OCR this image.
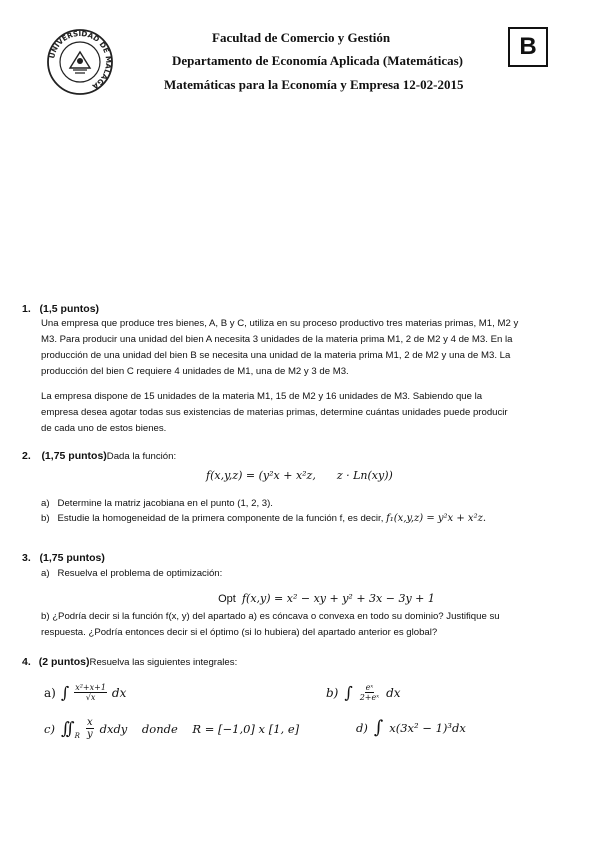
UNIVERSIDAD DE MÁLAGA
Facultad de Comercio y Gestión
Departamento de Economía Aplicada (Matemáticas)
Matemáticas para la Economía y Empresa 12-02-2015
B
1. (1,5 puntos)
Una empresa que produce tres bienes, A, B y C, utiliza en su proceso productivo tres materias primas, M1, M2 y
M3. Para producir una unidad del bien A necesita 3 unidades de la materia prima M1, 2 de M2 y 4 de M3. En la
producción de una unidad del bien B se necesita una unidad de la materia prima M1, 2 de M2 y una de M3. La
producción del bien C requiere 4 unidades de M1, una de M2 y 3 de M3.
La empresa dispone de 15 unidades de la materia M1, 15 de M2 y 16 unidades de M3. Sabiendo que la
empresa desea agotar todas sus existencias de materias primas, determine cuántas unidades puede producir
de cada uno de estos bienes.
2. (1,75 puntos)Dada la función:
f(x,y,z) = (y²x + x²z,      z · Ln(xy))
a) Determine la matriz jacobiana en el punto (1, 2, 3).
b) Estudie la homogeneidad de la primera componente de la función f, es decir, f₁(x,y,z) = y²x + x²z.
3. (1,75 puntos)
a) Resuelva el problema de optimización:

Opt f(x,y) = x² − xy + y² + 3x − 3y + 1

b) ¿Podría decir si la función f(x, y) del apartado a) es cóncava o convexa en todo su dominio? Justifique su
respuesta. ¿Podría entonces decir si el óptimo (si lo hubiera) del apartado anterior es global?
4. (2 puntos)Resuelva las siguientes integrales:
a) ∫ $\frac{\text{x²+x+1}}{√x}$ dx	b) ∫ $\frac{\text{eˣ}}{\text{2+eˣ}}$ dx
c) ∫∫ $_R \frac{x}{y}$ dxdy    donde    R = [−1,0] x [1, e]	d) ∫ x(3x² − 1)³dx
